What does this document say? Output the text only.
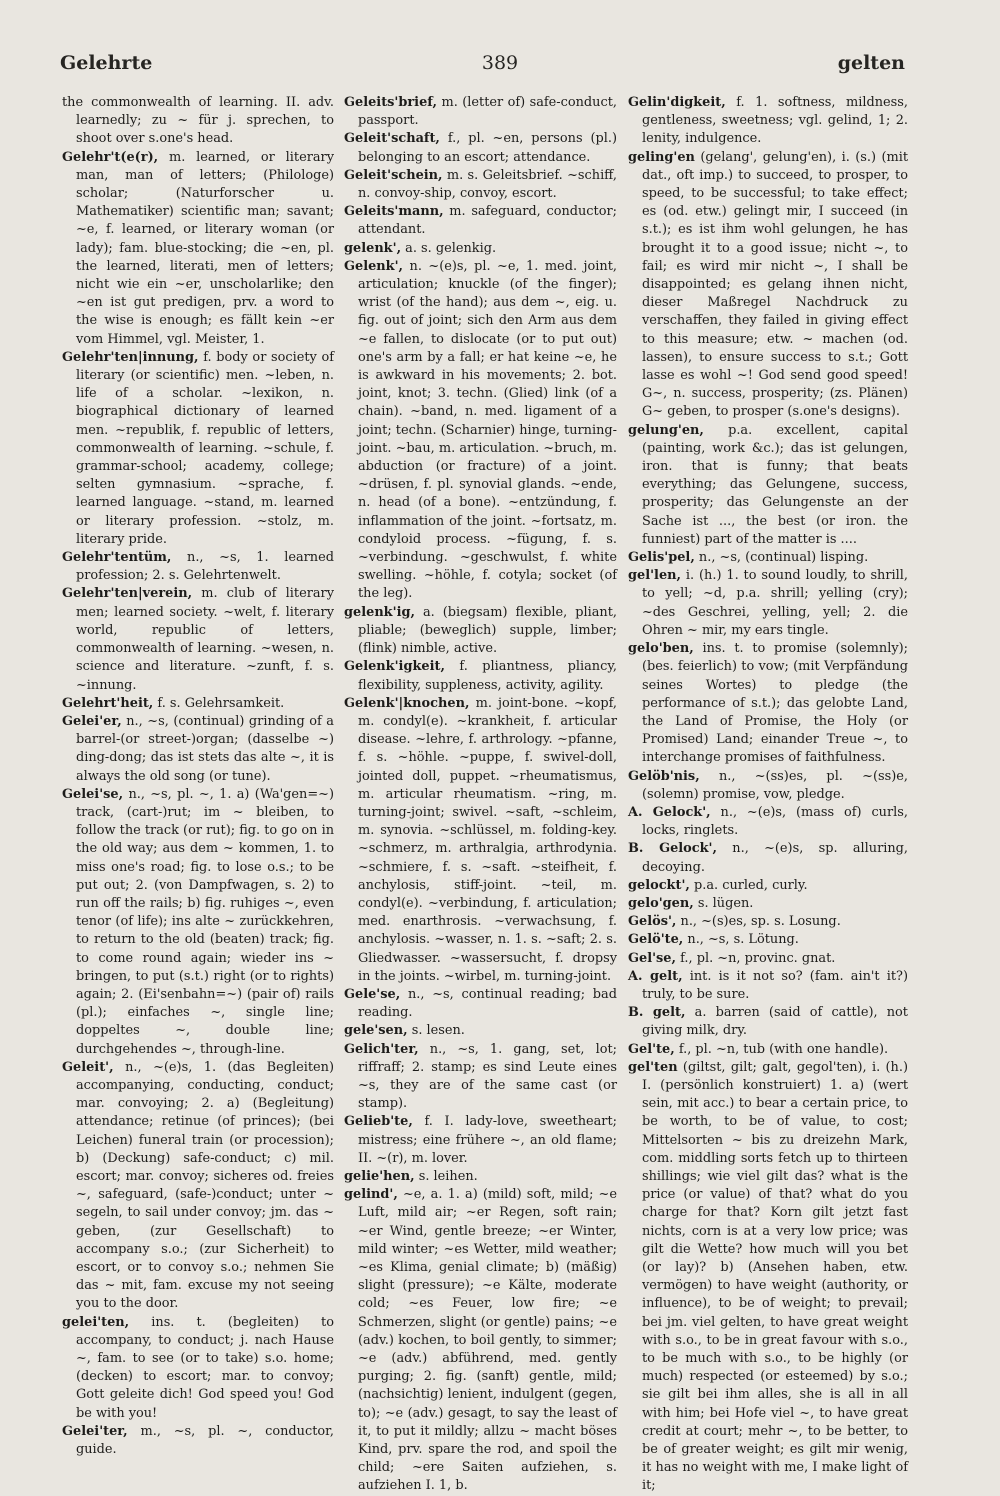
Gelehrte	389	gelten

the commonwealth of learning. II. adv. learnedly; zu ~ für j. sprechen, to shoot over s.one's head.

Gelehr't(e(r), m. learned, or literary man, man of letters; (Philologe) scholar; (Naturforscher u. Mathematiker) scientific man; savant; ~e, f. learned, or literary woman (or lady); fam. blue-stocking; die ~en, pl. the learned, literati, men of letters; nicht wie ein ~er, unscholarlike; den ~en ist gut predigen, prv. a word to the wise is enough; es fällt kein ~er vom Himmel, vgl. Meister, 1.

Gelehr'ten|innung, f. body or society of literary (or scientific) men. ~leben, n. life of a scholar. ~lexikon, n. biographical dictionary of learned men. ~republik, f. republic of letters, commonwealth of learning. ~schule, f. grammar-school; academy, college; selten gymnasium. ~sprache, f. learned language. ~stand, m. learned or literary profession. ~stolz, m. literary pride.

Gelehr'tentüm, n., ~s, 1. learned profession; 2. s. Gelehrtenwelt.

Gelehr'ten|verein, m. club of literary men; learned society. ~welt, f. literary world, republic of letters, commonwealth of learning. ~wesen, n. science and literature. ~zunft, f. s. ~innung.

Gelehrt'heit, f. s. Gelehrsamkeit.

Gelei'er, n., ~s, (continual) grinding of a barrel-(or street-)organ; (dasselbe ~) ding-dong; das ist stets das alte ~, it is always the old song (or tune).

Gelei'se, n., ~s, pl. ~, 1. a) (Wa'gen=~) track, (cart-)rut; im ~ bleiben, to follow the track (or rut); fig. to go on in the old way; aus dem ~ kommen, 1. to miss one's road; fig. to lose o.s.; to be put out; 2. (von Dampfwagen, s. 2) to run off the rails; b) fig. ruhiges ~, even tenor (of life); ins alte ~ zurückkehren, to return to the old (beaten) track; fig. to come round again; wieder ins ~ bringen, to put (s.t.) right (or to rights) again; 2. (Ei'senbahn=~) (pair of) rails (pl.); einfaches ~, single line; doppeltes ~, double line; durchgehendes ~, through-line.

Geleit', n., ~(e)s, 1. (das Begleiten) accompanying, conducting, conduct; mar. convoying; 2. a) (Begleitung) attendance; retinue (of princes); (bei Leichen) funeral train (or procession); b) (Deckung) safe-conduct; c) mil. escort; mar. convoy; sicheres od. freies ~, safeguard, (safe-)conduct; unter ~ segeln, to sail under convoy; jm. das ~ geben, (zur Gesellschaft) to accompany s.o.; (zur Sicherheit) to escort, or to convoy s.o.; nehmen Sie das ~ mit, fam. excuse my not seeing you to the door.

gelei'ten, ins. t. (begleiten) to accompany, to conduct; j. nach Hause ~, fam. to see (or to take) s.o. home; (decken) to escort; mar. to convoy; Gott geleite dich! God speed you! God be with you!

Gelei'ter, m., ~s, pl. ~, conductor, guide.

Geleits'brief, m. (letter of) safe-conduct, passport.

Geleit'schaft, f., pl. ~en, persons (pl.) belonging to an escort; attendance.

Geleit'schein, m. s. Geleitsbrief. ~schiff, n. convoy-ship, convoy, escort.

Geleits'mann, m. safeguard, conductor; attendant.

gelenk', a. s. gelenkig.

Gelenk', n. ~(e)s, pl. ~e, 1. med. joint, articulation; knuckle (of the finger); wrist (of the hand); aus dem ~, eig. u. fig. out of joint; sich den Arm aus dem ~e fallen, to dislocate (or to put out) one's arm by a fall; er hat keine ~e, he is awkward in his movements; 2. bot. joint, knot; 3. techn. (Glied) link (of a chain). ~band, n. med. ligament of a joint; techn. (Scharnier) hinge, turning-joint. ~bau, m. articulation. ~bruch, m. abduction (or fracture) of a joint. ~drüsen, f. pl. synovial glands. ~ende, n. head (of a bone). ~entzündung, f. inflammation of the joint. ~fortsatz, m. condyloid process. ~fügung, f. s. ~verbindung. ~geschwulst, f. white swelling. ~höhle, f. cotyla; socket (of the leg).

gelenk'ig, a. (biegsam) flexible, pliant, pliable; (beweglich) supple, limber; (flink) nimble, active.

Gelenk'igkeit, f. pliantness, pliancy, flexibility, suppleness, activity, agility.

Gelenk'|knochen, m. joint-bone. ~kopf, m. condyl(e). ~krankheit, f. articular disease. ~lehre, f. arthrology. ~pfanne, f. s. ~höhle. ~puppe, f. swivel-doll, jointed doll, puppet. ~rheumatismus, m. articular rheumatism. ~ring, m. turning-joint; swivel. ~saft, ~schleim, m. synovia. ~schlüssel, m. folding-key. ~schmerz, m. arthralgia, arthrodynia. ~schmiere, f. s. ~saft. ~steifheit, f. anchylosis, stiff-joint. ~teil, m. condyl(e). ~verbindung, f. articulation; med. enarthrosis. ~verwachsung, f. anchylosis. ~wasser, n. 1. s. ~saft; 2. s. Gliedwasser. ~wassersucht, f. dropsy in the joints. ~wirbel, m. turning-joint.

Gele'se, n., ~s, continual reading; bad reading.

gele'sen, s. lesen.

Gelich'ter, n., ~s, 1. gang, set, lot; riffraff; 2. stamp; es sind Leute eines ~s, they are of the same cast (or stamp).

Gelieb'te, f. I. lady-love, sweetheart; mistress; eine frühere ~, an old flame; II. ~(r), m. lover.

gelie'hen, s. leihen.

gelind', ~e, a. 1. a) (mild) soft, mild; ~e Luft, mild air; ~er Regen, soft rain; ~er Wind, gentle breeze; ~er Winter, mild winter; ~es Wetter, mild weather; ~es Klima, genial climate; b) (mäßig) slight (pressure); ~e Kälte, moderate cold; ~es Feuer, low fire; ~e Schmerzen, slight (or gentle) pains; ~e (adv.) kochen, to boil gently, to simmer; ~e (adv.) abführend, med. gently purging; 2. fig. (sanft) gentle, mild; (nachsichtig) lenient, indulgent (gegen, to); ~e (adv.) gesagt, to say the least of it, to put it mildly; allzu ~ macht böses Kind, prv. spare the rod, and spoil the child; ~ere Saiten aufziehen, s. aufziehen I. 1, b.

Gelin'digkeit, f. 1. softness, mildness, gentleness, sweetness; vgl. gelind, 1; 2. lenity, indulgence.

geling'en (gelang', gelung'en), i. (s.) (mit dat., oft imp.) to succeed, to prosper, to speed, to be successful; to take effect; es (od. etw.) gelingt mir, I succeed (in s.t.); es ist ihm wohl gelungen, he has brought it to a good issue; nicht ~, to fail; es wird mir nicht ~, I shall be disappointed; es gelang ihnen nicht, dieser Maßregel Nachdruck zu verschaffen, they failed in giving effect to this measure; etw. ~ machen (od. lassen), to ensure success to s.t.; Gott lasse es wohl ~! God send good speed! G~, n. success, prosperity; (zs. Plänen) G~ geben, to prosper (s.one's designs).

gelung'en, p.a. excellent, capital (painting, work &c.); das ist gelungen, iron. that is funny; that beats everything; das Gelungene, success, prosperity; das Gelungenste an der Sache ist ..., the best (or iron. the funniest) part of the matter is ....

Gelis'pel, n., ~s, (continual) lisping.

gel'len, i. (h.) 1. to sound loudly, to shrill, to yell; ~d, p.a. shrill; yelling (cry); ~des Geschrei, yelling, yell; 2. die Ohren ~ mir, my ears tingle.

gelo'ben, ins. t. to promise (solemnly); (bes. feierlich) to vow; (mit Verpfändung seines Wortes) to pledge (the performance of s.t.); das gelobte Land, the Land of Promise, the Holy (or Promised) Land; einander Treue ~, to interchange promises of faithfulness.

Gelöb'nis, n., ~(ss)es, pl. ~(ss)e, (solemn) promise, vow, pledge.

A. Gelock', n., ~(e)s, (mass of) curls, locks, ringlets.

B. Gelock', n., ~(e)s, sp. alluring, decoying.

gelockt', p.a. curled, curly.

gelo'gen, s. lügen.

Gelös', n., ~(s)es, sp. s. Losung.

Gelö'te, n., ~s, s. Lötung.

Gel'se, f., pl. ~n, provinc. gnat.

A. gelt, int. is it not so? (fam. ain't it?) truly, to be sure.

B. gelt, a. barren (said of cattle), not giving milk, dry.

Gel'te, f., pl. ~n, tub (with one handle).

gel'ten (giltst, gilt; galt, gegol'ten), i. (h.) I. (persönlich konstruiert) 1. a) (wert sein, mit acc.) to bear a certain price, to be worth, to be of value, to cost; Mittelsorten ~ bis zu dreizehn Mark, com. middling sorts fetch up to thirteen shillings; wie viel gilt das? what is the price (or value) of that? what do you charge for that? Korn gilt jetzt fast nichts, corn is at a very low price; was gilt die Wette? how much will you bet (or lay)? b) (Ansehen haben, etw. vermögen) to have weight (authority, or influence), to be of weight; to prevail; bei jm. viel gelten, to have great weight with s.o., to be in great favour with s.o., to be much with s.o., to be highly (or much) respected (or esteemed) by s.o.; sie gilt bei ihm alles, she is all in all with him; bei Hofe viel ~, to have great credit at court; mehr ~, to be better, to be of greater weight; es gilt mir wenig, it has no weight with me, I make light of it;
